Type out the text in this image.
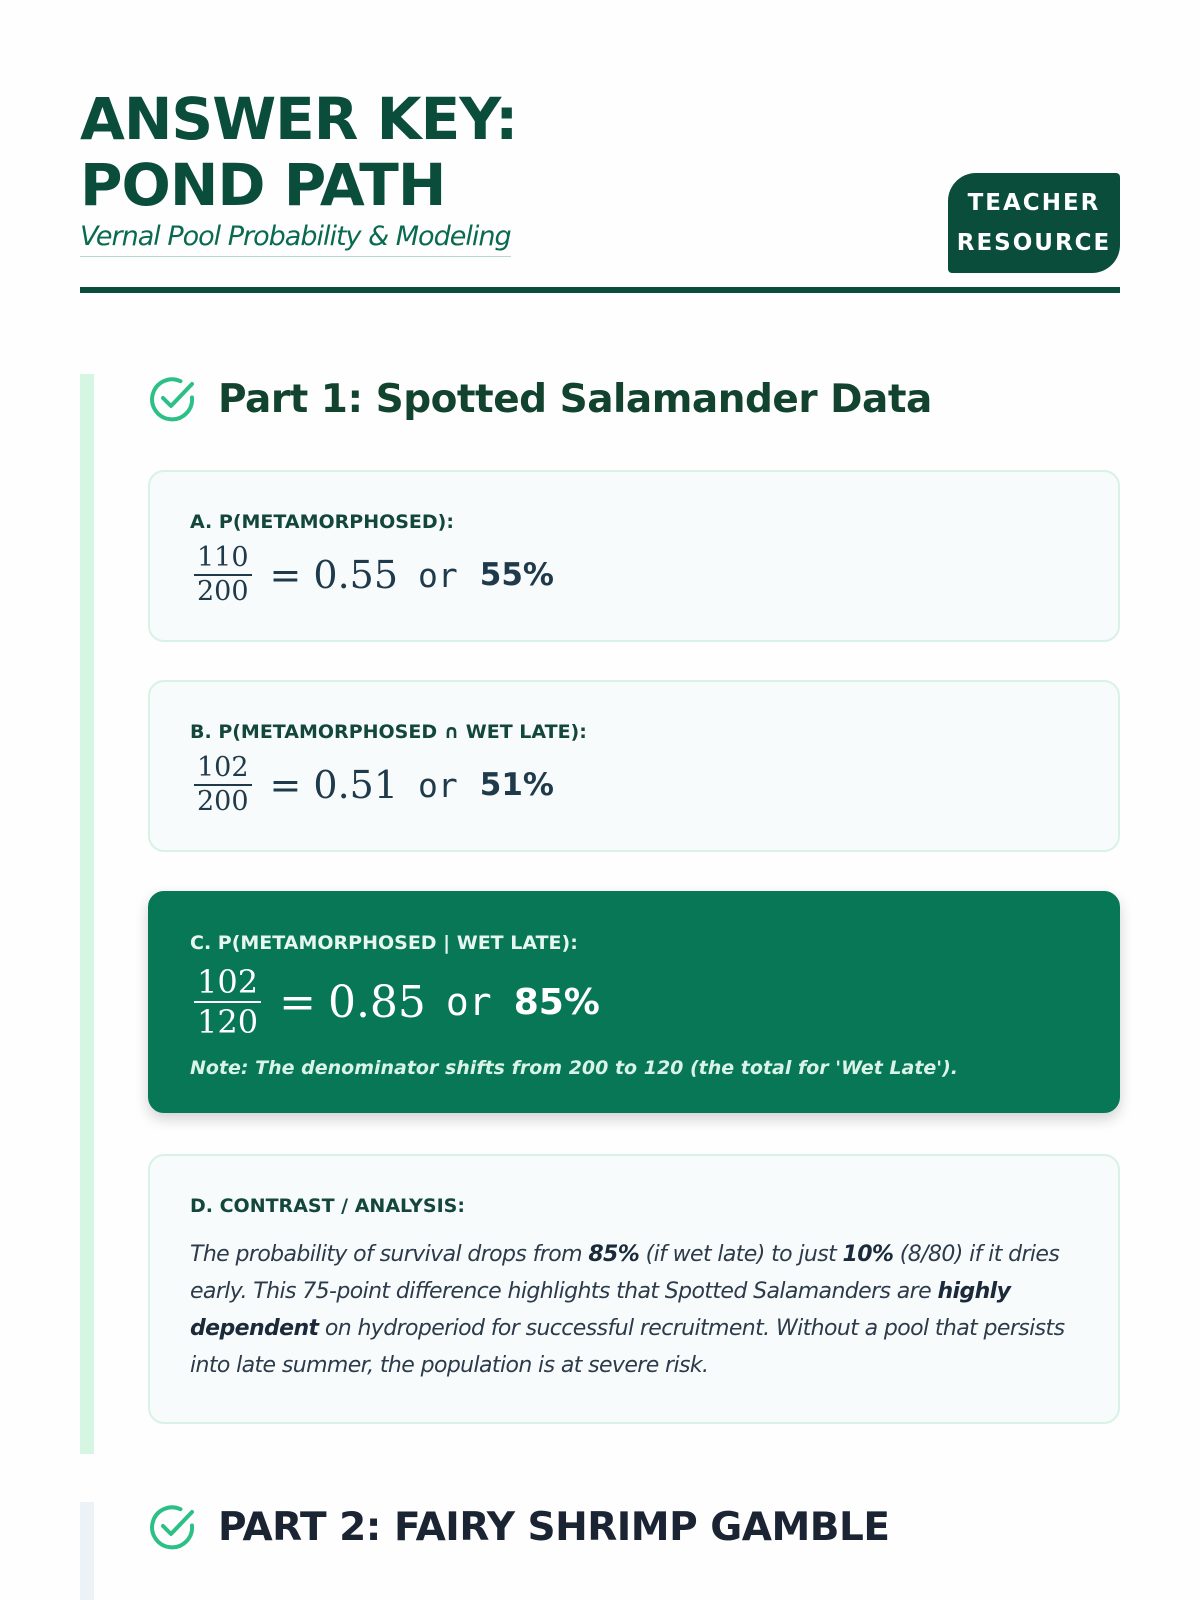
ANSWER KEY: POND PATH
Vernal Pool Probability & Modeling
TEACHER
RESOURCE
Part 1: Spotted Salamander Data
A. P(METAMORPHOSED):
$\frac{110}{200} = 0.55$ or 55%
B. P(METAMORPHOSED ∩ WET LATE):
$\frac{102}{200} = 0.51$ or 51%
C. P(METAMORPHOSED | WET LATE):
$\frac{102}{120} = 0.85$ or 85%
Note: The denominator shifts from 200 to 120 (the total for 'Wet Late').
D. CONTRAST / ANALYSIS:
The probability of survival drops from 85% (if wet late) to just 10% (8/80) if it dries early. This 75-point difference highlights that Spotted Salamanders are highly dependent on hydroperiod for successful recruitment. Without a pool that persists into late summer, the population is at severe risk.
PART 2: FAIRY SHRIMP GAMBLE
